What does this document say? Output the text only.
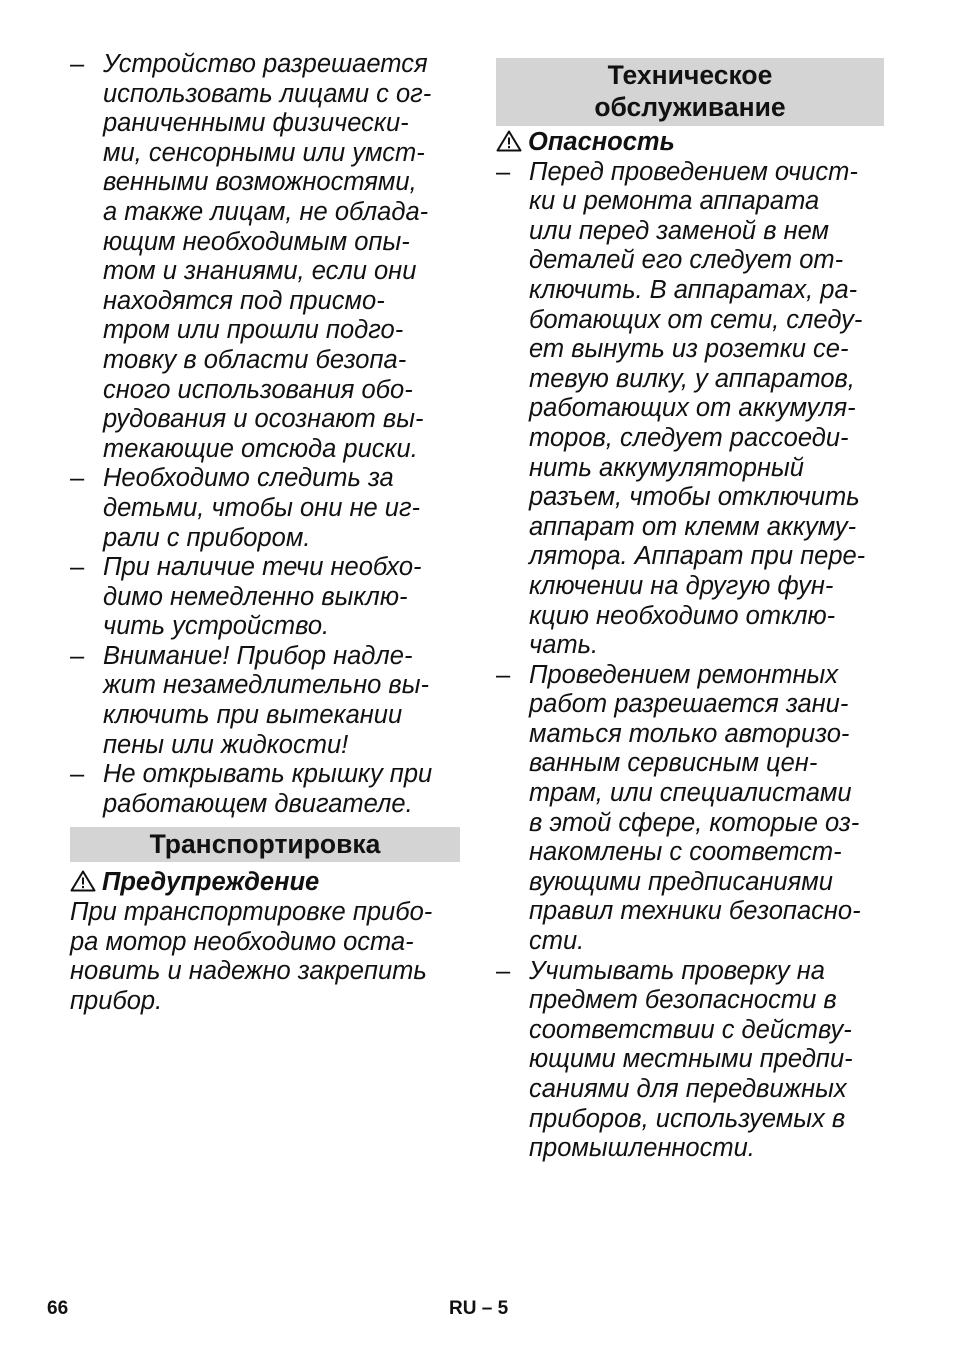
– Устройство разрешается
использовать лицами с ог-
раниченными физически-
ми, сенсорными или умст-
венными возможностями,
а также лицам, не облада-
ющим необходимым опы-
том и знаниями, если они
находятся под присмо-
тром или прошли подго-
товку в области безопа-
сного использования обо-
рудования и осознают вы-
текающие отсюда риски.
– Необходимо следить за
детьми, чтобы они не иг-
рали с прибором.
– При наличие течи необхо-
димо немедленно выклю-
чить устройство.
– Внимание! Прибор надле-
жит незамедлительно вы-
ключить при вытекании
пены или жидкости!
– Не открывать крышку при
работающем двигателе.
Транспортировка
Предупреждение
При транспортировке прибо-
ра мотор необходимо оста-
новить и надежно закрепить
прибор.
Техническое
обслуживание
Опасность
– Перед проведением очист-
ки и ремонта аппарата
или перед заменой в нем
деталей его следует от-
ключить. В аппаратах, ра-
ботающих от сети, следу-
ет вынуть из розетки се-
тевую вилку, у аппаратов,
работающих от аккумуля-
торов, следует рассоеди-
нить аккумуляторный
разъем, чтобы отключить
аппарат от клемм аккуму-
лятора. Аппарат при пере-
ключении на другую фун-
кцию необходимо отклю-
чать.
– Проведением ремонтных
работ разрешается зани-
маться только авторизо-
ванным сервисным цен-
трам, или специалистами
в этой сфере, которые оз-
накомлены с соответст-
вующими предписаниями
правил техники безопасно-
сти.
– Учитывать проверку на
предмет безопасности в
соответствии с действу-
ющими местными предпи-
саниями для передвижных
приборов, используемых в
промышленности.
66	RU – 5
